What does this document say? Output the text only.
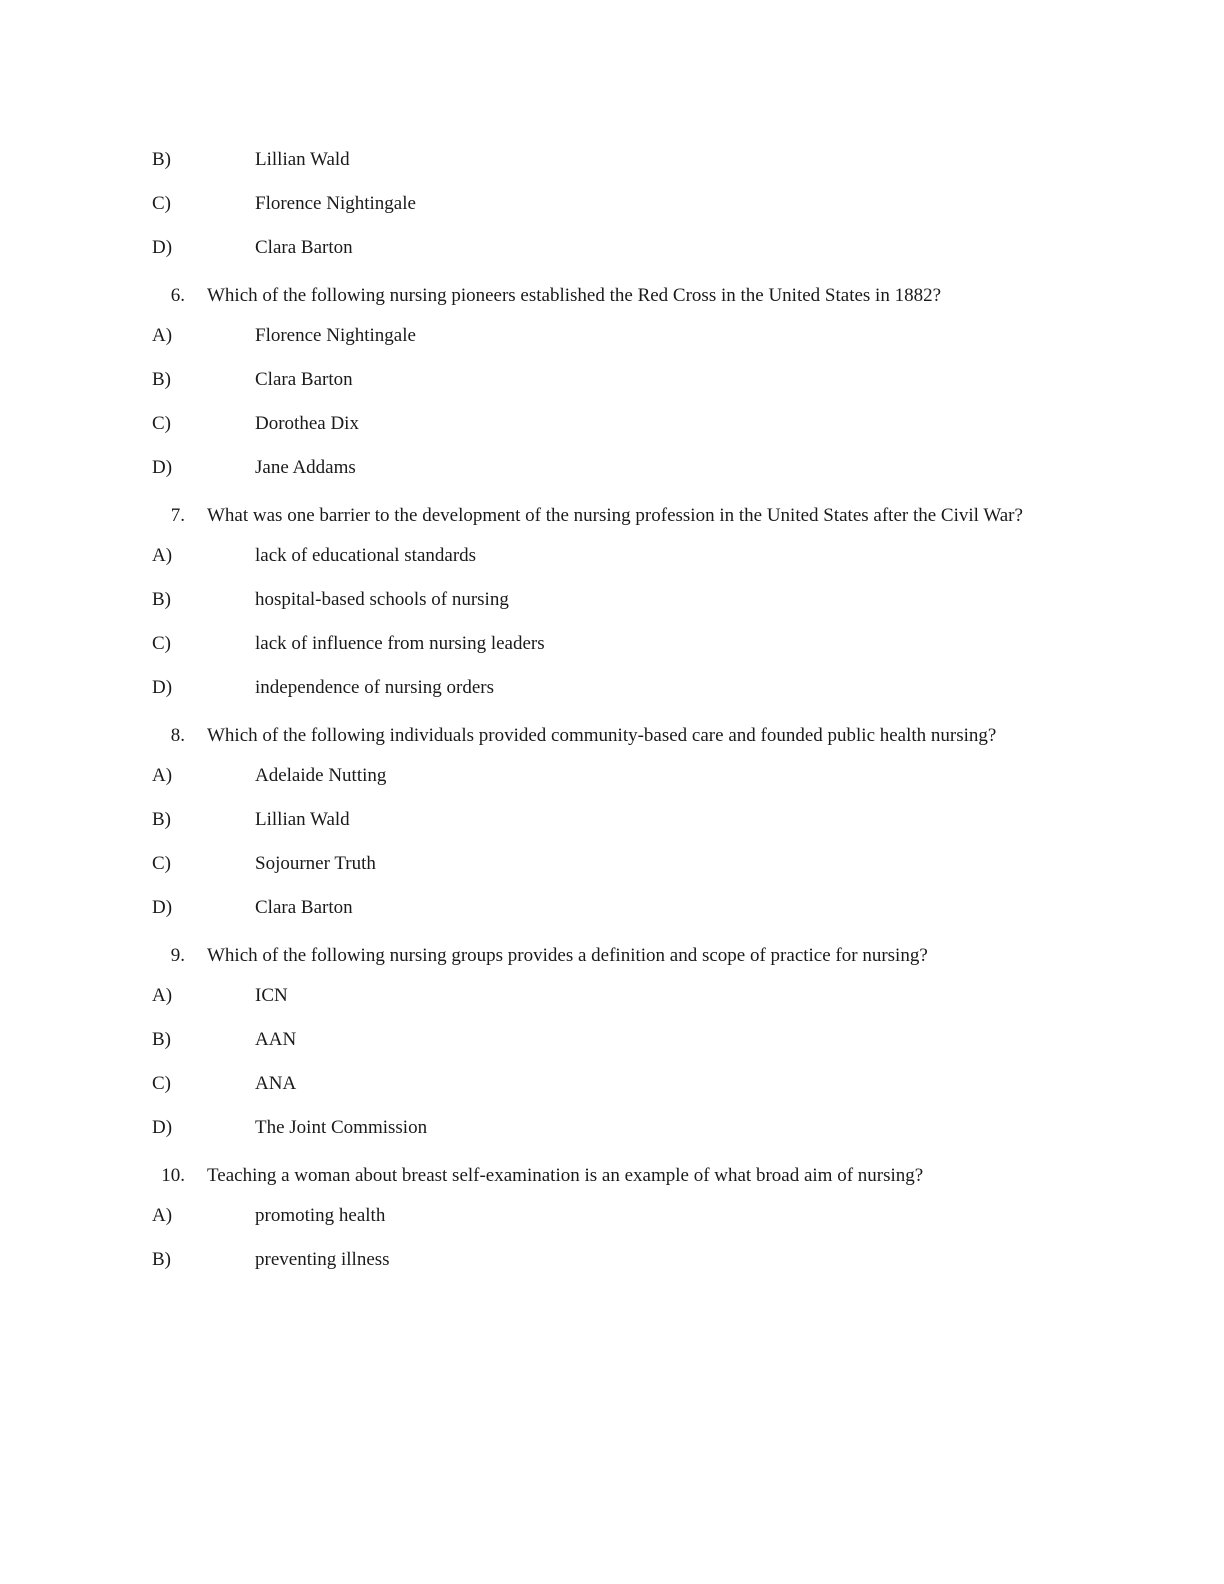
B)	Lillian Wald
C)	Florence Nightingale
D)	Clara Barton
6.	Which of the following nursing pioneers established the Red Cross in the United States in 1882?
A)	Florence Nightingale
B)	Clara Barton
C)	Dorothea Dix
D)	Jane Addams
7.	What was one barrier to the development of the nursing profession in the United States after the Civil War?
A)	lack of educational standards
B)	hospital-based schools of nursing
C)	lack of influence from nursing leaders
D)	independence of nursing orders
8.	Which of the following individuals provided community-based care and founded public health nursing?
A)	Adelaide Nutting
B)	Lillian Wald
C)	Sojourner Truth
D)	Clara Barton
9.	Which of the following nursing groups provides a definition and scope of practice for nursing?
A)	ICN
B)	AAN
C)	ANA
D)	The Joint Commission
10.	Teaching a woman about breast self-examination is an example of what broad aim of nursing?
A)	promoting health
B)	preventing illness
